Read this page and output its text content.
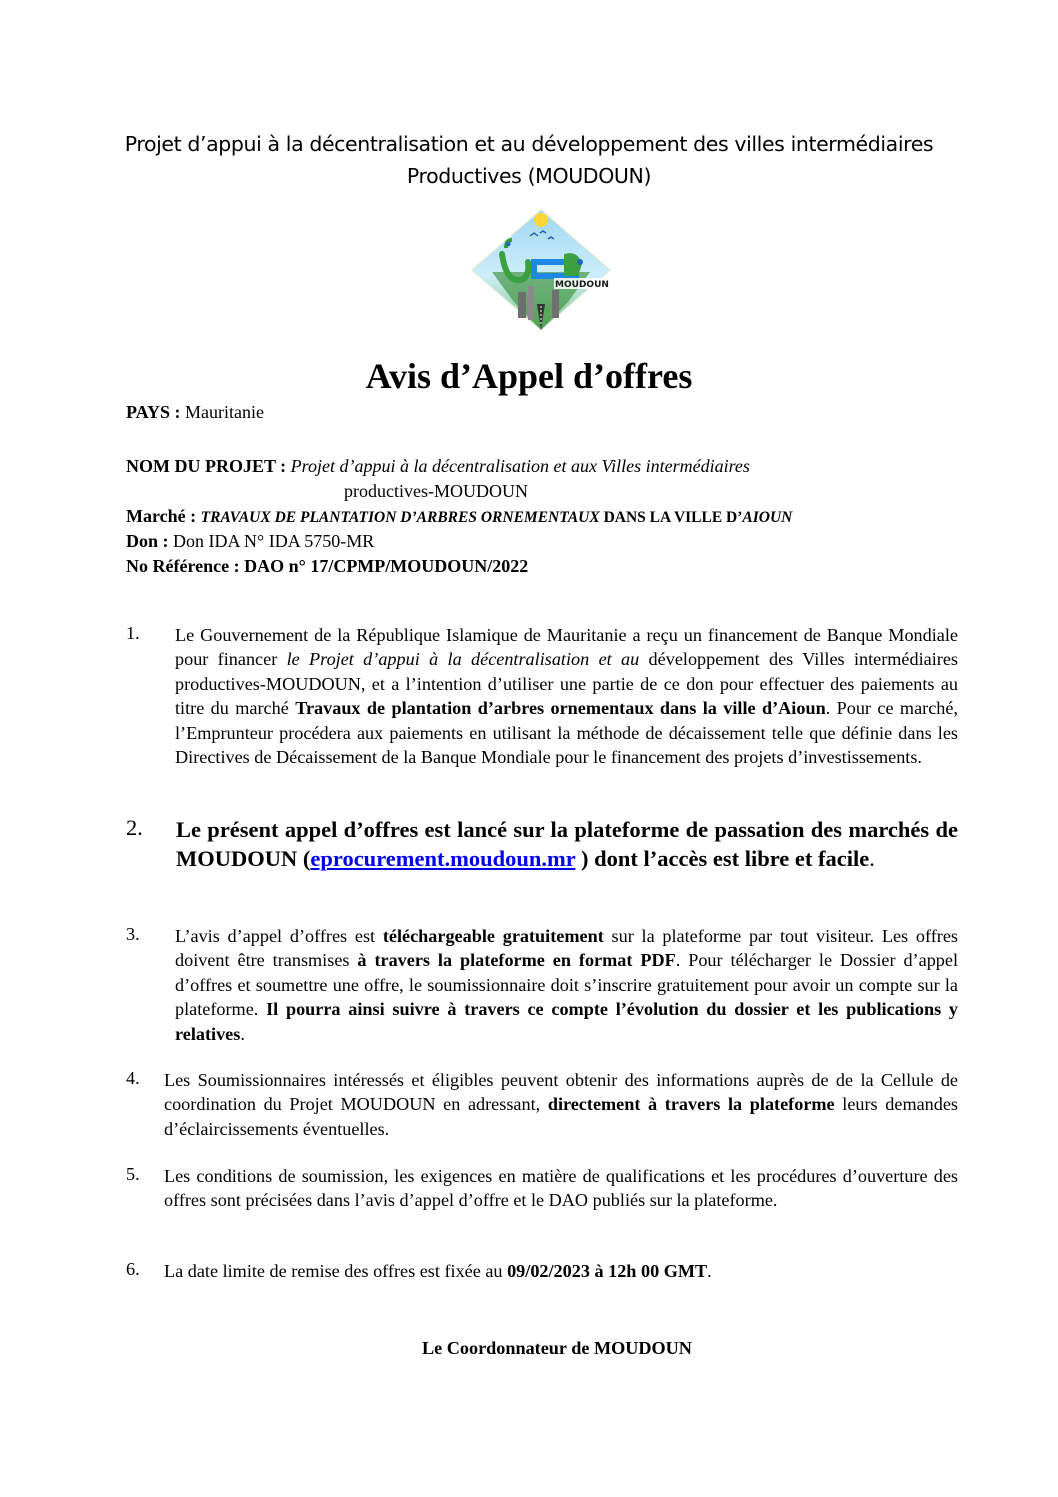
Projet d’appui à la décentralisation et au développement des villes intermédiaires
Productives (MOUDOUN)
MOUDOUN
Avis d’Appel d’offres
PAYS : Mauritanie
NOM DU PROJET : Projet d’appui à la décentralisation et aux Villes intermédiaires
productives-MOUDOUN
Marché : TRAVAUX DE PLANTATION D’ARBRES ORNEMENTAUX DANS LA VILLE D’AIOUN
Don : Don IDA N° IDA 5750-MR
No Référence : DAO n° 17/CPMP/MOUDOUN/2022
1. Le Gouvernement de la République Islamique de Mauritanie a reçu un financement de Banque Mondiale pour financer le Projet d’appui à la décentralisation et au développement des Villes intermédiaires productives-MOUDOUN, et a l’intention d’utiliser une partie de ce don pour effectuer des paiements au titre du marché Travaux de plantation d’arbres ornementaux dans la ville d’Aioun. Pour ce marché, l’Emprunteur procédera aux paiements en utilisant la méthode de décaissement telle que définie dans les Directives de Décaissement de la Banque Mondiale pour le financement des projets d’investissements.
2. Le présent appel d’offres est lancé sur la plateforme de passation des marchés de MOUDOUN (eprocurement.moudoun.mr ) dont l’accès est libre et facile.
3. L’avis d’appel d’offres est téléchargeable gratuitement sur la plateforme par tout visiteur. Les offres doivent être transmises à travers la plateforme en format PDF. Pour télécharger le Dossier d’appel d’offres et soumettre une offre, le soumissionnaire doit s’inscrire gratuitement pour avoir un compte sur la plateforme. Il pourra ainsi suivre à travers ce compte l’évolution du dossier et les publications y relatives.
4. Les Soumissionnaires intéressés et éligibles peuvent obtenir des informations auprès de de la Cellule de coordination du Projet MOUDOUN en adressant, directement à travers la plateforme leurs demandes d’éclaircissements éventuelles.
5. Les conditions de soumission, les exigences en matière de qualifications et les procédures d’ouverture des offres sont précisées dans l’avis d’appel d’offre et le DAO publiés sur la plateforme.
6. La date limite de remise des offres est fixée au 09/02/2023 à 12h 00 GMT.
Le Coordonnateur de MOUDOUN
